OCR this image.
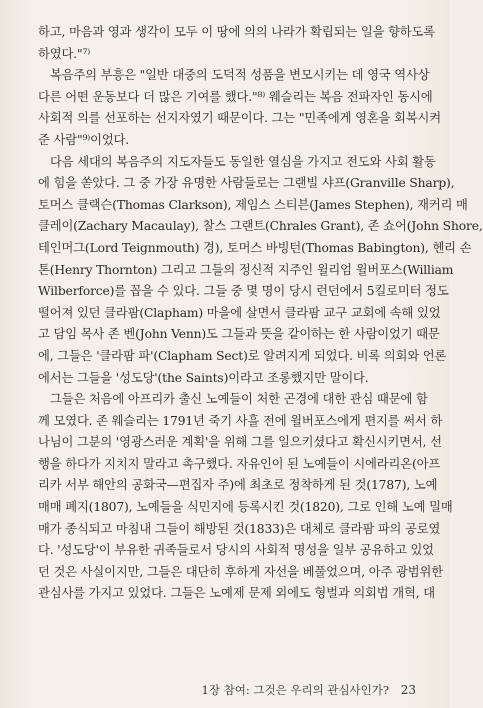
하고, 마음과 영과 생각이 모두 이 땅에 의의 나라가 확립되는 일을 향하도록
하였다."⁷⁾
복음주의 부흥은 "일반 대중의 도덕적 성품을 변모시키는 데 영국 역사상
다른 어떤 운동보다 더 많은 기여를 했다."⁸⁾ 웨슬리는 복음 전파자인 동시에
사회적 의를 선포하는 선지자였기 때문이다. 그는 "민족에게 영혼을 회복시켜
준 사람"⁹⁾이었다.
다음 세대의 복음주의 지도자들도 동일한 열심을 가지고 전도와 사회 활동
에 힘을 쏟았다. 그 중 가장 유명한 사람들로는 그랜빌 샤프(Granville Sharp),
토머스 클랙슨(Thomas Clarkson), 제임스 스티븐(James Stephen), 재커리 매
클레이(Zachary Macaulay), 찰스 그랜트(Chrales Grant), 존 쇼어(John Shore,
테인머그(Lord Teignmouth) 경), 토머스 바빙턴(Thomas Babington), 헨리 손
톤(Henry Thornton) 그리고 그들의 정신적 지주인 윌리엄 윌버포스(William
Wilberforce)를 꼽을 수 있다. 그들 중 몇 명이 당시 런던에서 5킬로미터 정도
떨어져 있던 클라팜(Clapham) 마을에 살면서 클라팜 교구 교회에 속해 있었
고 담임 목사 존 벤(John Venn)도 그들과 뜻을 같이하는 한 사람이었기 때문
에, 그들은 '클라팜 파'(Clapham Sect)로 알려지게 되었다. 비록 의회와 언론
에서는 그들을 '성도당'(the Saints)이라고 조롱했지만 말이다.
그들은 처음에 아프리카 출신 노예들이 처한 곤경에 대한 관심 때문에 함
께 모였다. 존 웨슬리는 1791년 죽기 사흘 전에 윌버포스에게 편지를 써서 하
나님이 그분의 '영광스러운 계획'을 위해 그를 일으키셨다고 확신시키면서, 선
행을 하다가 지치지 말라고 촉구했다. 자유인이 된 노예들이 시에라리온(아프
리카 서부 해안의 공화국—편집자 주)에 최초로 정착하게 된 것(1787), 노예
매매 폐지(1807), 노예들을 식민지에 등록시킨 것(1820), 그로 인해 노예 밀매
매가 종식되고 마침내 그들이 해방된 것(1833)은 대체로 클라팜 파의 공로였
다. '성도당'이 부유한 귀족들로서 당시의 사회적 명성을 일부 공유하고 있었
던 것은 사실이지만, 그들은 대단히 후하게 자선을 베풀었으며, 아주 광범위한
관심사를 가지고 있었다. 그들은 노예제 문제 외에도 형벌과 의회법 개혁, 대
1장 참여: 그것은 우리의 관심사인가? 23
